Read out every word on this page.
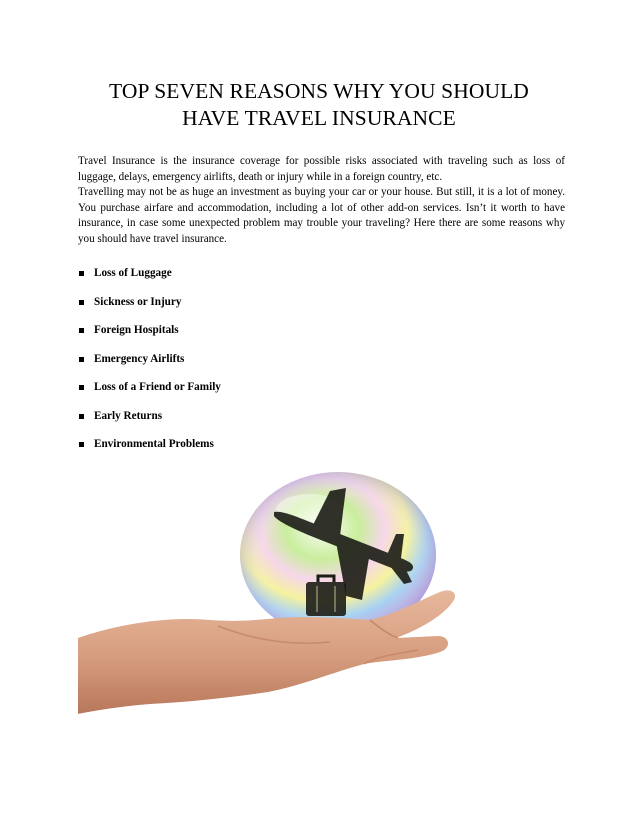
TOP SEVEN REASONS WHY YOU SHOULD
HAVE TRAVEL INSURANCE

Travel Insurance is the insurance coverage for possible risks associated with traveling such as loss of luggage, delays, emergency airlifts, death or injury while in a foreign country, etc.

Travelling may not be as huge an investment as buying your car or your house. But still, it is a lot of money. You purchase airfare and accommodation, including a lot of other add-on services. Isn’t it worth to have insurance, in case some unexpected problem may trouble your traveling? Here there are some reasons why you should have travel insurance.

Loss of Luggage
Sickness or Injury
Foreign Hospitals
Emergency Airlifts
Loss of a Friend or Family
Early Returns
Environmental Problems
